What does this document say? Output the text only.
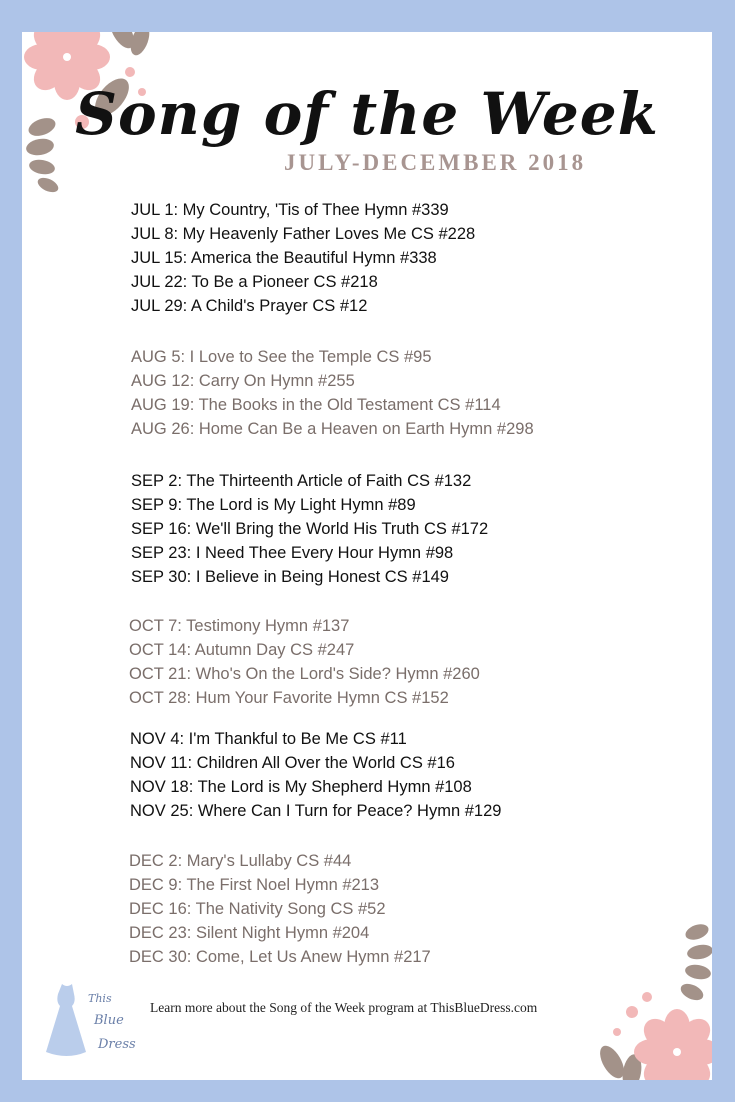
Song of the Week
JULY-DECEMBER 2018
JUL 1: My Country, 'Tis of Thee Hymn #339
JUL 8: My Heavenly Father Loves Me CS #228
JUL 15: America the Beautiful Hymn #338
JUL 22: To Be a Pioneer CS #218
JUL 29: A Child's Prayer CS #12
AUG 5: I Love to See the Temple CS #95
AUG 12: Carry On Hymn #255
AUG 19: The Books in the Old Testament CS #114
AUG 26: Home Can Be a Heaven on Earth Hymn #298
SEP 2: The Thirteenth Article of Faith CS #132
SEP 9: The Lord is My Light Hymn #89
SEP 16: We'll Bring the World His Truth CS #172
SEP 23: I Need Thee Every Hour Hymn #98
SEP 30: I Believe in Being Honest CS #149
OCT 7: Testimony Hymn #137
OCT 14: Autumn Day CS #247
OCT 21: Who's On the Lord's Side? Hymn #260
OCT 28: Hum Your Favorite Hymn CS #152
NOV 4: I'm Thankful to Be Me CS #11
NOV 11: Children All Over the World CS #16
NOV 18: The Lord is My Shepherd Hymn #108
NOV 25: Where Can I Turn for Peace? Hymn #129
DEC 2: Mary's Lullaby CS #44
DEC 9: The First Noel Hymn #213
DEC 16: The Nativity Song CS #52
DEC 23: Silent Night Hymn #204
DEC 30: Come, Let Us Anew Hymn #217
This
Blue
Dress
Learn more about the Song of the Week program at ThisBlueDress.com
